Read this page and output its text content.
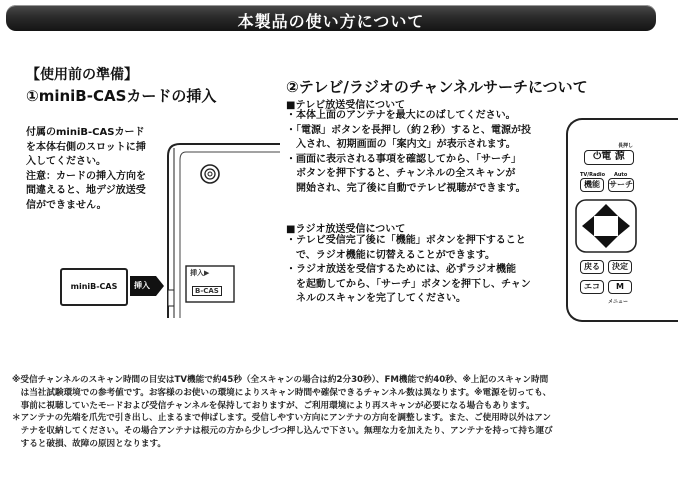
本製品の使い方について
【使用前の準備】
①miniB-CASカードの挿入

付属のminiB-CASカード

を本体右側のスロットに挿

入してください。

注意：カードの挿入方向を

間違えると、地デジ放送受

信ができません。

挿入▶
B-CAS
miniB-CAS	挿入
②テレビ/ラジオのチャンネルサーチについて
■テレビ放送受信について

・本体上面のアンテナを最大にのばしてください。

・「電源」ボタンを長押し（約２秒）すると、電源が投

　入され、初期画面の「案内文」が表示されます。

・画面に表示される事項を確認してから、「サーチ」

　ボタンを押下すると、チャンネルの全スキャンが

　開始され、完了後に自動でテレビ視聴ができます。

■ラジオ放送受信について

・テレビ受信完了後に「機能」ボタンを押下すること

　で、ラジオ機能に切替えることができます。

・ラジオ放送を受信するためには、必ずラジオ機能

　を起動してから、「サーチ」ボタンを押下し、チャン

　ネルのスキャンを完了してください。

長押し
⏻電 源
TV/Radio Auto
機能	サーチ
戻る	決定
エコ	M
メニュー

※受信チャンネルのスキャン時間の目安はTV機能で約45秒（全スキャンの場合は約2分30秒）、FM機能で約40秒、※上記のスキャン時間

　は当社試験環境での参考値です。お客様のお使いの環境によりスキャン時間や確保できるチャンネル数は異なります。※電源を切っても、

　事前に視聴していたモードおよび受信チャンネルを保持しておりますが、ご利用環境により再スキャンが必要になる場合もあります。

＊アンテナの先端を爪先で引き出し、止まるまで伸ばします。受信しやすい方向にアンテナの方向を調整します。また、ご使用時以外はアン

　テナを収納してください。その場合アンテナは根元の方から少しづつ押し込んで下さい。無理な力を加えたり、アンテナを持って持ち運び

　すると破損、故障の原因となります。
